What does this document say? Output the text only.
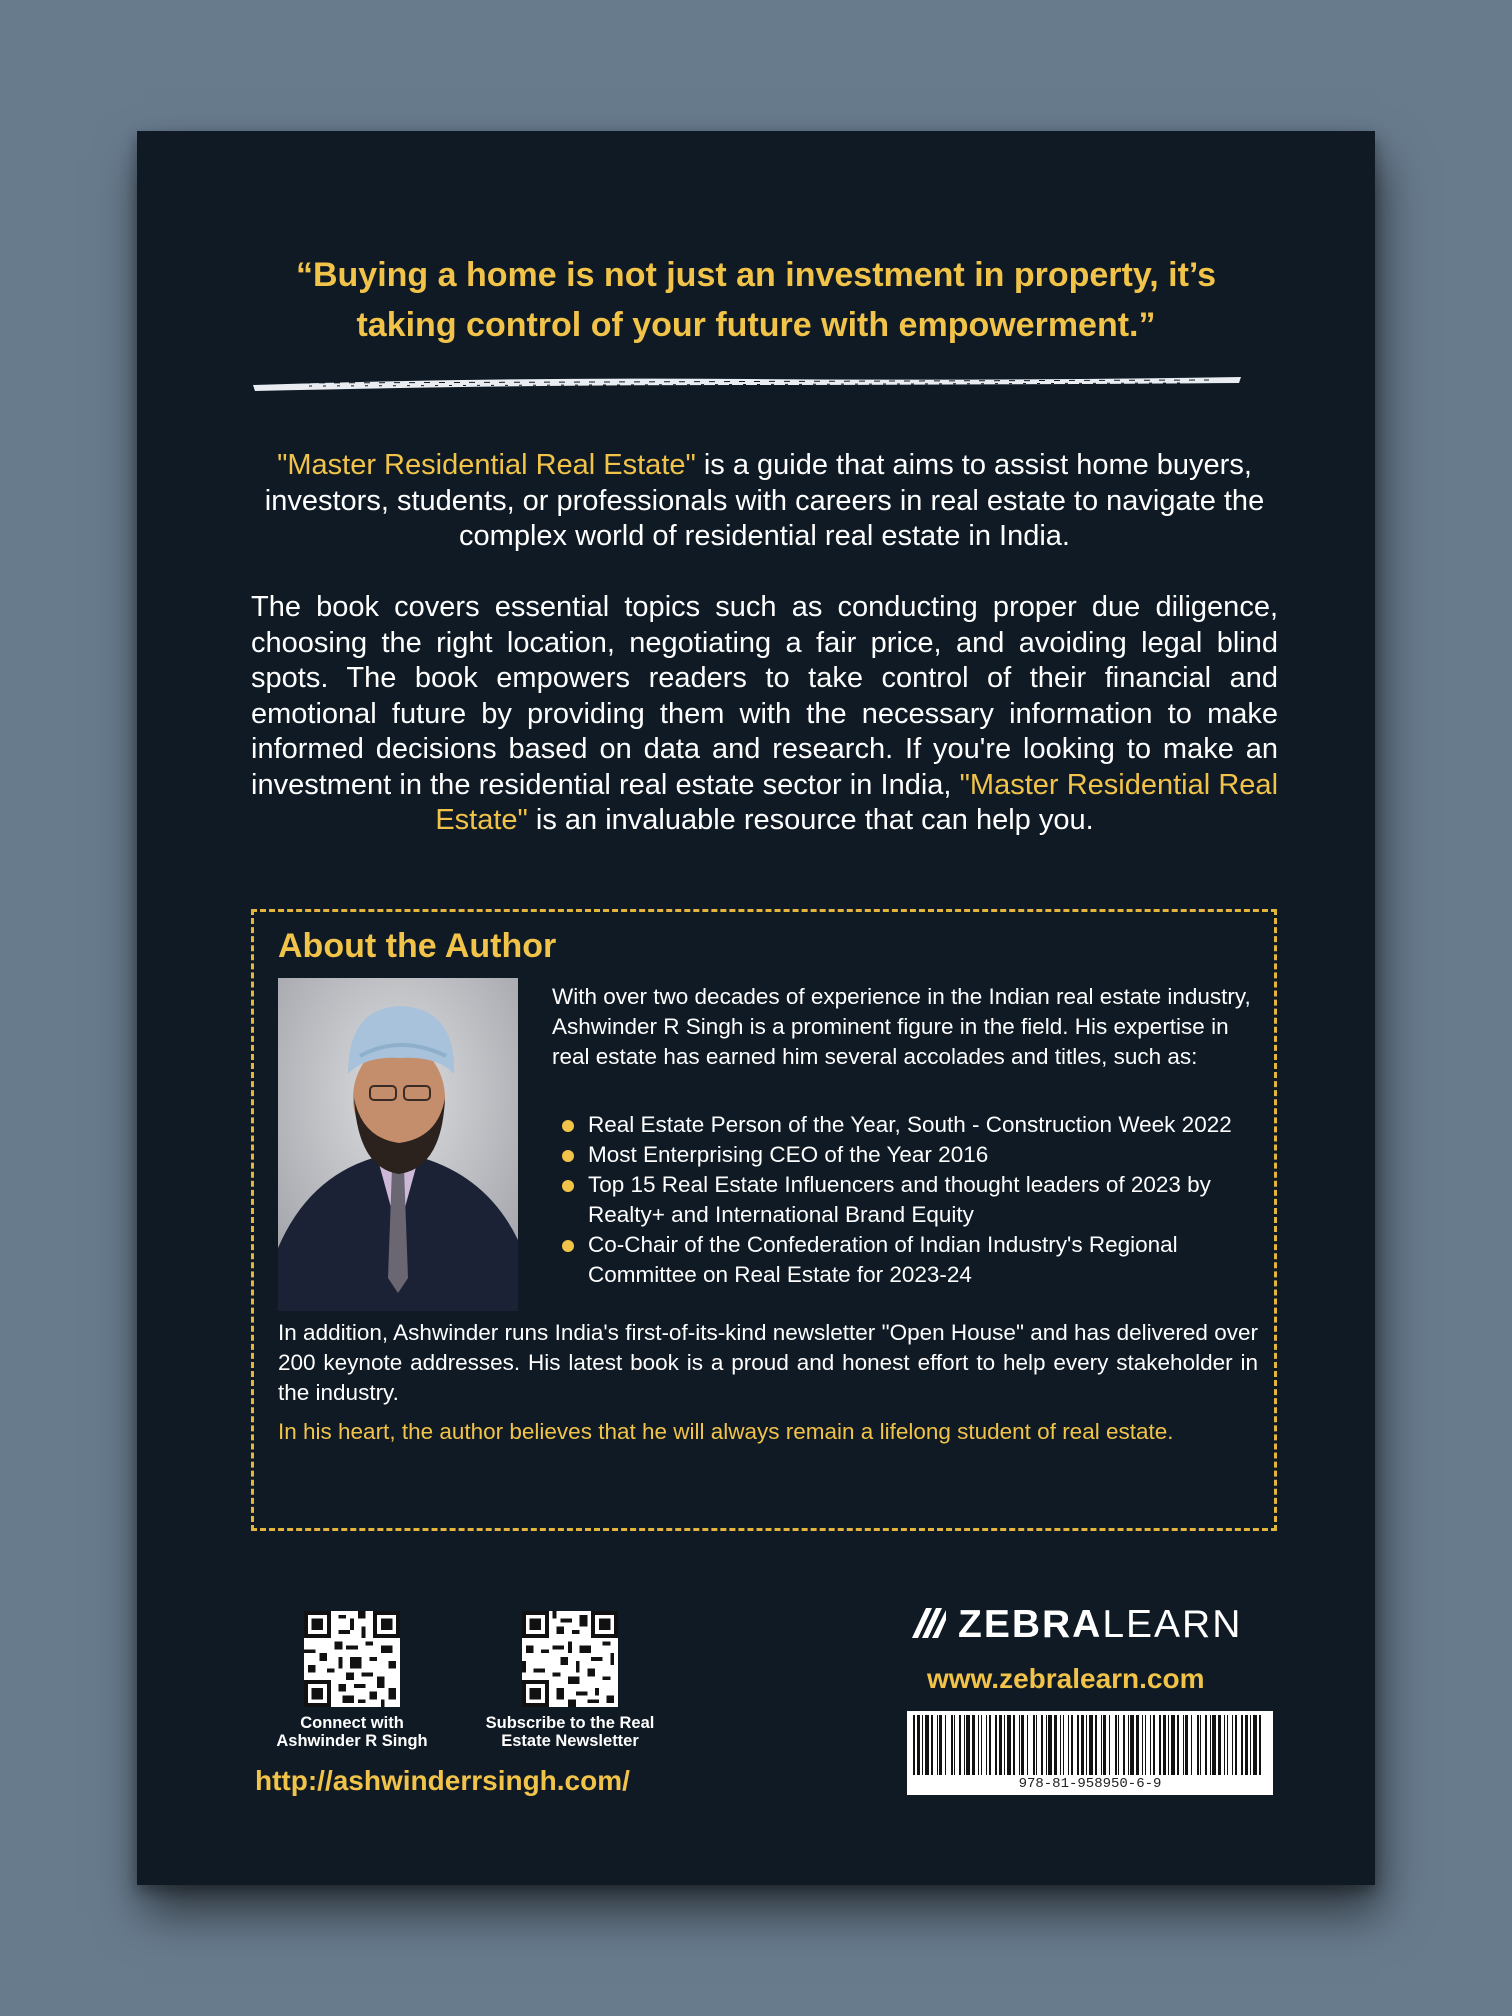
“Buying a home is not just an investment in property, it’s
taking control of your future with empowerment.”

"Master Residential Real Estate" is a guide that aims to assist home buyers, investors, students, or professionals with careers in real estate to navigate the complex world of residential real estate in India.

The book covers essential topics such as conducting proper due diligence, choosing the right location, negotiating a fair price, and avoiding legal blind spots. The book empowers readers to take control of their financial and emotional future by providing them with the necessary information to make informed decisions based on data and research. If you're looking to make an investment in the residential real estate sector in India, "Master Residential Real Estate" is an invaluable resource that can help you.

About the Author

With over two decades of experience in the Indian real estate industry, Ashwinder R Singh is a prominent figure in the field. His expertise in real estate has earned him several accolades and titles, such as:

Real Estate Person of the Year, South - Construction Week 2022
Most Enterprising CEO of the Year 2016
Top 15 Real Estate Influencers and thought leaders of 2023 by Realty+ and International Brand Equity
Co-Chair of the Confederation of Indian Industry's Regional Committee on Real Estate for 2023-24

In addition, Ashwinder runs India's first-of-its-kind newsletter "Open House" and has delivered over 200 keynote addresses. His latest book is a proud and honest effort to help every stakeholder in the industry.

In his heart, the author believes that he will always remain a lifelong student of real estate.

Connect with
Ashwinder R Singh

Subscribe to the Real
Estate Newsletter

http://ashwinderrsingh.com/

ZEBRALEARN

www.zebralearn.com

978-81-958950-6-9
